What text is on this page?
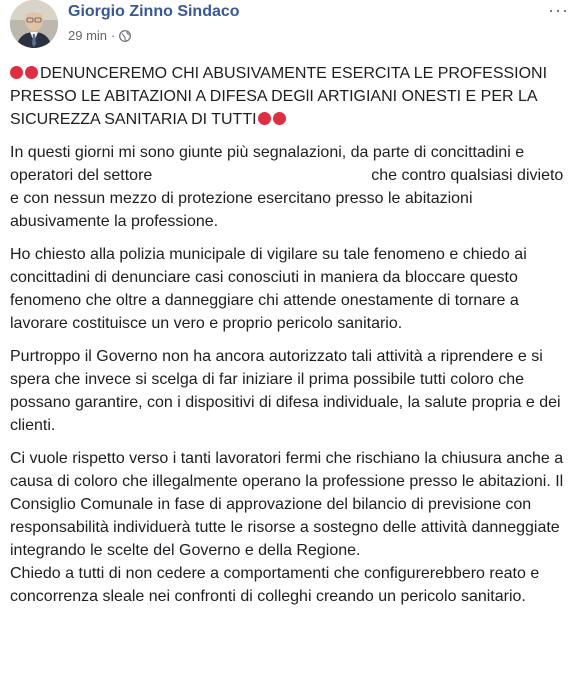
Giorgio Zinno Sindaco
29 min ·
···

DENUNCEREMO CHI ABUSIVAMENTE ESERCITA LE PROFESSIONI PRESSO LE ABITAZIONI A DIFESA DEGlI ARTIGIANI ONESTI E PER LA SICUREZZA SANITARIA DI TUTTI

In questi giorni mi sono giunte più segnalazioni, da parte di concittadini e operatori del settore	che contro qualsiasi divieto e con nessun mezzo di protezione esercitano presso le abitazioni abusivamente la professione.

Ho chiesto alla polizia municipale di vigilare su tale fenomeno e chiedo ai concittadini di denunciare casi conosciuti in maniera da bloccare questo fenomeno che oltre a danneggiare chi attende onestamente di tornare a lavorare costituisce un vero e proprio pericolo sanitario.

Purtroppo il Governo non ha ancora autorizzato tali attività a riprendere e si spera che invece si scelga di far iniziare il prima possibile tutti coloro che possano garantire, con i dispositivi di difesa individuale, la salute propria e dei clienti.

Ci vuole rispetto verso i tanti lavoratori fermi che rischiano la chiusura anche a causa di coloro che illegalmente operano la professione presso le abitazioni. Il Consiglio Comunale in fase di approvazione del bilancio di previsione con responsabilità individuerà tutte le risorse a sostegno delle attività danneggiate integrando le scelte del Governo e della Regione.

Chiedo a tutti di non cedere a comportamenti che configurerebbero reato e concorrenza sleale nei confronti di colleghi creando un pericolo sanitario.
